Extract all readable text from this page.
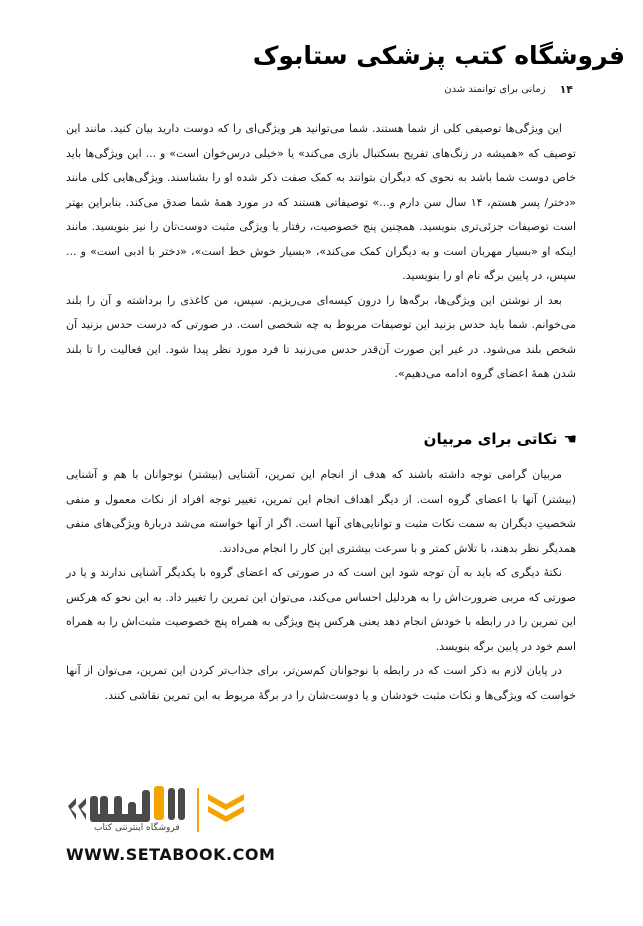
فروشگاه کتب پزشکی ستابوک
۱۴
زمانی برای توانمند شدن

این ویژگی‌ها توصیفی کلی از شما هستند. شما می‌توانید هر ویژگی‌ای را که دوست دارید بیان کنید. مانند این توصیف که «همیشه در زنگ‌های تفریح بسکتبال بازی می‌کند» یا «خیلی درس‌خوان است» و ... این ویژگی‌ها باید خاص دوست شما باشد به نحوی که دیگران بتوانند به کمک صفت ذکر شده او را بشناسند. ویژگی‌هایی کلی مانند «دختر/ پسر هستم، ۱۴ سال سن دارم و...» توصیفاتی هستند که در مورد همهٔ شما صدق می‌کند. بنابراین بهتر است توصیفات جزئی‌تری بنویسید. همچنین پنج خصوصیت، رفتار یا ویژگی مثبت دوست‌تان را نیز بنویسید. مانند اینکه او «بسیار مهربان است و به دیگران کمک می‌کند»، «بسیار خوش خط است»، «دختر با ادبی است» و ... سپس، در پایین برگه نام او را بنویسید.

بعد از نوشتن این ویژگی‌ها، برگه‌ها را درون کیسه‌ای می‌ریزیم. سپس، من کاغذی را برداشته و آن را بلند می‌خوانم. شما باید حدس بزنید این توصیفات مربوط به چه شخصی است. در صورتی که درست حدس بزنید آن شخص بلند می‌شود. در غیر این صورت آن‌قدر حدس می‌زنید تا فرد مورد نظر پیدا شود. این فعالیت را تا بلند شدن همهٔ اعضای گروه ادامه می‌دهیم».

☚
نکاتی برای مربیان

مربیان گرامی توجه داشته باشند که هدف از انجام این تمرین، آشنایی (بیشتر) نوجوانان با هم و آشنایی (بیشتر) آنها با اعضای گروه است. از دیگر اهداف انجام این تمرین، تغییر توجه افراد از نکات معمول و منفی شخصیتِ دیگران به سمت نکات مثبت و توانایی‌های آنها است. اگر از آنها خواسته می‌شد دربارهٔ ویژگی‌های منفی همدیگر نظر بدهند، با تلاش کمتر و با سرعت بیشتری این کار را انجام می‌دادند.

نکتهٔ دیگری که باید به آن توجه شود این است که در صورتی که اعضای گروه با یکدیگر آشنایی ندارند و یا در صورتی که مربی ضرورت‌اش را به هردلیل احساس می‌کند، می‌توان این تمرین را تغییر داد. به این نحو که هرکس این تمرین را در رابطه با خودش انجام دهد یعنی هرکس پنج ویژگی به همراه پنج خصوصیت مثبت‌اش را به همراه اسم خود در پایین برگه بنویسد.

در پایان لازم به ذکر است که در رابطه با نوجوانان کم‌سن‌تر، برای جذاب‌تر کردن این تمرین، می‌توان از آنها خواست که ویژگی‌ها و نکات مثبت خودشان و یا دوست‌شان را در برگهٔ مربوط به این تمرین نقاشی کنند.

فروشگاه اینترنتی کتاب
WWW.SETABOOK.COM
